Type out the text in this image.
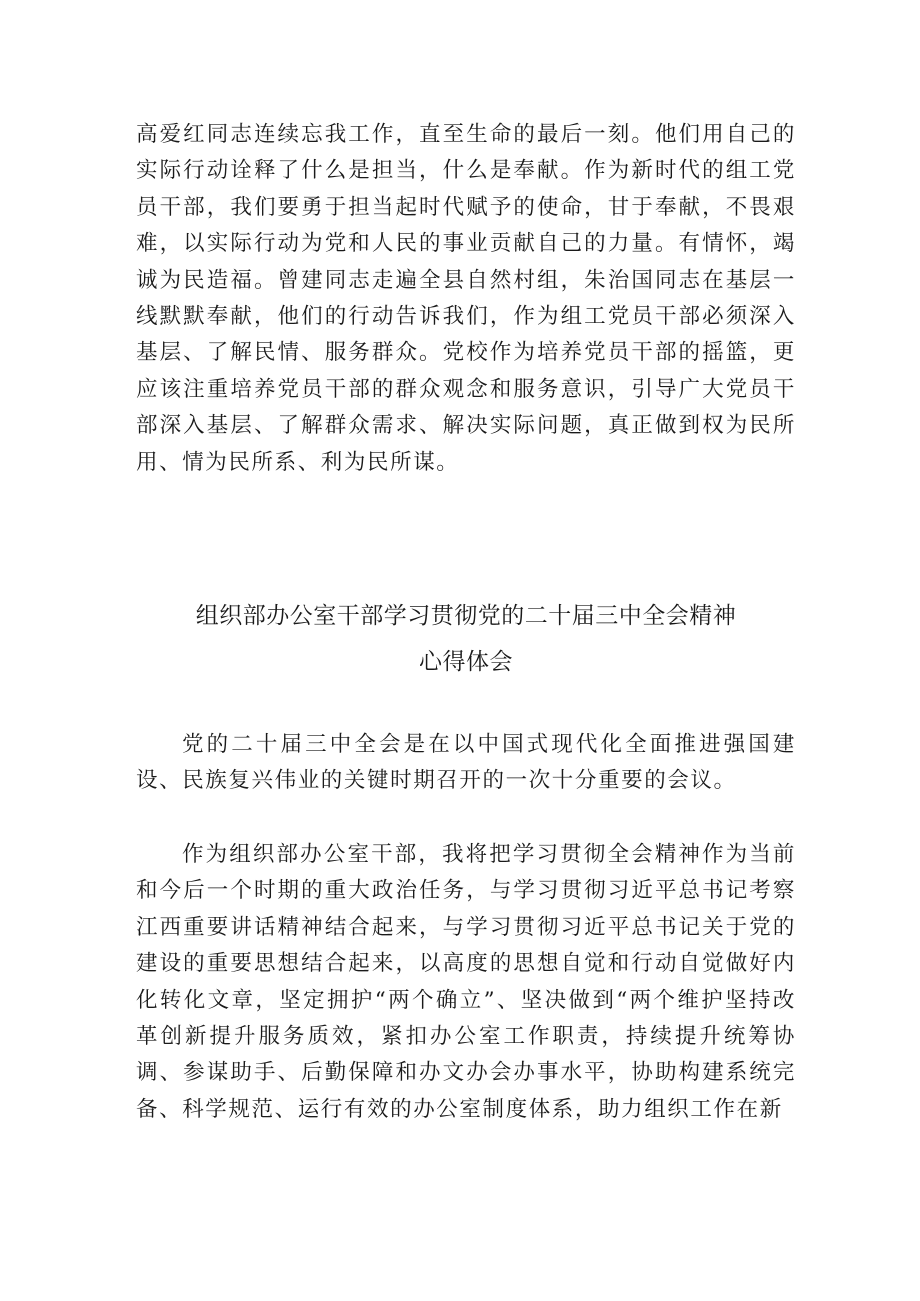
高爱红同志连续忘我工作，直至生命的最后一刻。他们用自己的实际行动诠释了什么是担当，什么是奉献。作为新时代的组工党员干部，我们要勇于担当起时代赋予的使命，甘于奉献，不畏艰难，以实际行动为党和人民的事业贡献自己的力量。有情怀，竭诚为民造福。曾建同志走遍全县自然村组，朱治国同志在基层一线默默奉献，他们的行动告诉我们，作为组工党员干部必须深入基层、了解民情、服务群众。党校作为培养党员干部的摇篮，更应该注重培养党员干部的群众观念和服务意识，引导广大党员干部深入基层、了解群众需求、解决实际问题，真正做到权为民所用、情为民所系、利为民所谋。

组织部办公室干部学习贯彻党的二十届三中全会精神
心得体会

党的二十届三中全会是在以中国式现代化全面推进强国建设、民族复兴伟业的关键时期召开的一次十分重要的会议。

作为组织部办公室干部，我将把学习贯彻全会精神作为当前和今后一个时期的重大政治任务，与学习贯彻习近平总书记考察江西重要讲话精神结合起来，与学习贯彻习近平总书记关于党的建设的重要思想结合起来，以高度的思想自觉和行动自觉做好内化转化文章，坚定拥护“两个确立”、坚决做到“两个维护坚持改革创新提升服务质效，紧扣办公室工作职责，持续提升统筹协调、参谋助手、后勤保障和办文办会办事水平，协助构建系统完备、科学规范、运行有效的办公室制度体系，助力组织工作在新
